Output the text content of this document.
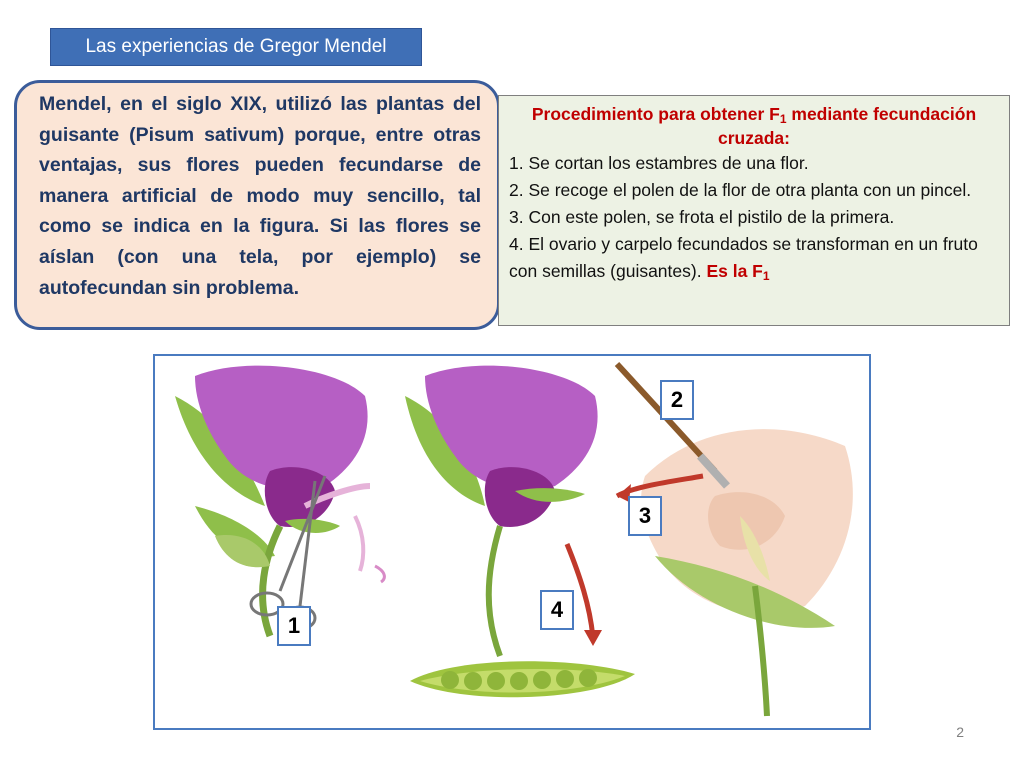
Las experiencias de Gregor Mendel
Mendel, en el siglo XIX, utilizó las plantas del guisante (Pisum sativum) porque, entre otras ventajas, sus flores pueden fecundarse de manera artificial de modo muy sencillo, tal como se indica en la figura. Si las flores se aíslan (con una tela, por ejemplo) se autofecundan sin problema.
Procedimiento para obtener $F_1$ mediante fecundación cruzada:

1. Se cortan los estambres de una flor.

2. Se recoge el polen de la flor de otra planta con un pincel.

3. Con este polen, se frota el pistilo de la primera.

4. El ovario y carpelo fecundados se transforman en un fruto con semillas (guisantes). Es la $F_1$

1
2
3
4
2
